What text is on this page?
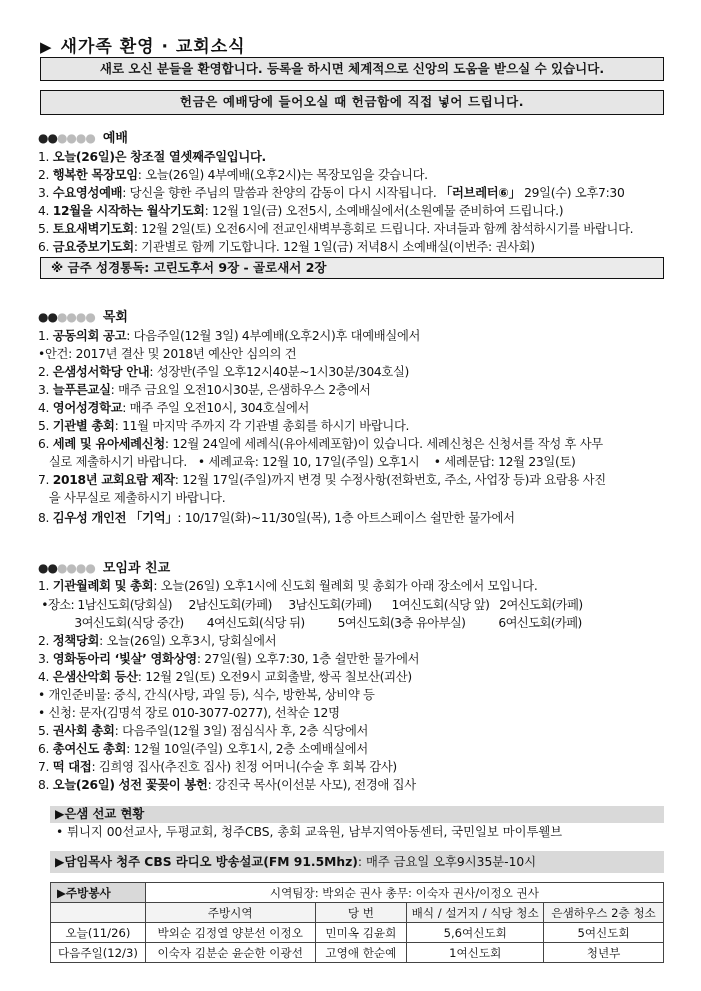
▶ 새가족 환영 · 교회소식
새로 오신 분들을 환영합니다. 등록을 하시면 체계적으로 신앙의 도움을 받으실 수 있습니다.
헌금은 예배당에 들어오실 때 헌금함에 직접 넣어 드립니다.
●●●●●● 예배
1. 오늘(26일)은 창조절 열셋째주일입니다.
2. 행복한 목장모임: 오늘(26일) 4부예배(오후2시)는 목장모임을 갖습니다.
3. 수요영성예배: 당신을 향한 주님의 말씀과 찬양의 감동이 다시 시작됩니다. 「러브레터⑥」 29일(수) 오후7:30
4. 12월을 시작하는 월삭기도회: 12월 1일(금) 오전5시, 소예배실에서(소원예물 준비하여 드립니다.)
5. 토요새벽기도회: 12월 2일(토) 오전6시에 전교인새벽부흥회로 드립니다. 자녀들과 함께 참석하시기를 바랍니다.
6. 금요중보기도회: 기관별로 함께 기도합니다. 12월 1일(금) 저녁8시 소예배실(이번주: 권사회)
※ 금주 성경통독: 고린도후서 9장 - 골로새서 2장
●●●●●● 목회
1. 공동의회 공고: 다음주일(12월 3일) 4부예배(오후2시)후 대예배실에서
•안건: 2017년 결산 및 2018년 예산안 심의의 건
2. 은샘성서학당 안내: 성장반(주일 오후12시40분~1시30분/304호실)
3. 늘푸른교실: 매주 금요일 오전10시30분, 은샘하우스 2층에서
4. 영어성경학교: 매주 주일 오전10시, 304호실에서
5. 기관별 총회: 11월 마지막 주까지 각 기관별 총회를 하시기 바랍니다.
6. 세례 및 유아세례신청: 12월 24일에 세례식(유아세례포함)이 있습니다. 세례신청은 신청서를 작성 후 사무
실로 제출하시기 바랍니다.   • 세례교육: 12월 10, 17일(주일) 오후1시    • 세례문답: 12월 23일(토)
7. 2018년 교회요람 제작: 12월 17일(주일)까지 변경 및 수정사항(전화번호, 주소, 사업장 등)과 요람용 사진
을 사무실로 제출하시기 바랍니다.
8. 김우성 개인전 「기억」: 10/17일(화)~11/30일(목), 1층 아트스페이스 쉴만한 물가에서
●●●●●● 모임과 친교
1. 기관월례회 및 총회: 오늘(26일) 오후1시에 신도회 월례회 및 총회가 아래 장소에서 모입니다.
•장소: 1남신도회(당회실)     2남신도회(카페)     3남신도회(카페)      1여신도회(식당 앞)   2여신도회(카페)
3여신도회(식당 중간)       4여신도회(식당 뒤)          5여신도회(3층 유아부실)          6여신도회(카페)
2. 정책당회: 오늘(26일) 오후3시, 당회실에서
3. 영화동아리 ‘빛살’ 영화상영: 27일(월) 오후7:30, 1층 쉴만한 물가에서
4. 은샘산악회 등산: 12월 2일(토) 오전9시 교회출발, 쌍곡 칠보산(괴산)
• 개인준비물: 중식, 간식(사탕, 과일 등), 식수, 방한복, 상비약 등
• 신청: 문자(김명석 장로 010-3077-0277), 선착순 12명
5. 권사회 총회: 다음주일(12월 3일) 점심식사 후, 2층 식당에서
6. 총여신도 총회: 12월 10일(주일) 오후1시, 2층 소예배실에서
7. 떡 대접: 김희영 집사(추진호 집사) 친정 어머니(수술 후 회복 감사)
8. 오늘(26일) 성전 꽃꽂이 봉헌: 강진국 목사(이선분 사모), 전경애 집사
▶은샘 선교 현황
• 튀니지 00선교사, 두평교회, 청주CBS, 총회 교육원, 남부지역아동센터, 국민일보 마이투웰브
▶담임목사 청주 CBS 라디오 방송설교(FM 91.5Mhz): 매주 금요일 오후9시35분-10시
▶주방봉사	시역팀장: 박외순 권사 총무: 이숙자 권사/이정오 권사			
	주방시역	당 번	배식 / 설거지 / 식당 청소	은샘하우스 2층 청소
오늘(11/26)	박외순 김정열 양분선 이정오	민미옥 김윤희	5,6여신도회	5여신도회
다음주일(12/3)	이숙자 김분순 윤순한 이광선	고영애 한순예	1여신도회	청년부
